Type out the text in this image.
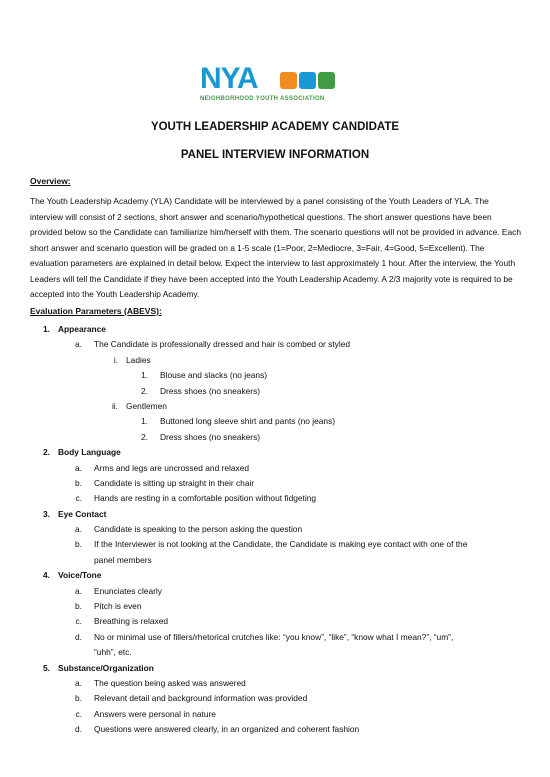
NYA
NEIGHBORHOOD YOUTH ASSOCIATION
YOUTH LEADERSHIP ACADEMY CANDIDATE
PANEL INTERVIEW INFORMATION
Overview:

The Youth Leadership Academy (YLA) Candidate will be interviewed by a panel consisting of the Youth Leaders of YLA. The interview will consist of 2 sections, short answer and scenario/hypothetical questions. The short answer questions have been provided below so the Candidate can familiarize him/herself with them. The scenario questions will not be provided in advance. Each short answer and scenario question will be graded on a 1-5 scale (1=Poor, 2=Mediocre, 3=Fair, 4=Good, 5=Excellent). The evaluation parameters are explained in detail below. Expect the interview to last approximately 1 hour. After the interview, the Youth Leaders will tell the Candidate if they have been accepted into the Youth Leadership Academy. A 2/3 majority vote is required to be accepted into the Youth Leadership Academy.

Evaluation Parameters (ABEVS):
1. Appearance
a. The Candidate is professionally dressed and hair is combed or styled
i. Ladies
1. Blouse and slacks (no jeans)
2. Dress shoes (no sneakers)
ii. Gentlemen
1. Buttoned long sleeve shirt and pants (no jeans)
2. Dress shoes (no sneakers)
2. Body Language
a. Arms and legs are uncrossed and relaxed
b. Candidate is sitting up straight in their chair
c. Hands are resting in a comfortable position without fidgeting
3. Eye Contact
a. Candidate is speaking to the person asking the question
b. If the Interviewer is not looking at the Candidate, the Candidate is making eye contact with one of the
panel members
4. Voice/Tone
a. Enunciates clearly
b. Pitch is even
c. Breathing is relaxed
d. No or minimal use of fillers/rhetorical crutches like: “you know”, “like”, “know what I mean?”, “um”,
“uhh”, etc.
5. Substance/Organization
a. The question being asked was answered
b. Relevant detail and background information was provided
c. Answers were personal in nature
d. Questions were answered clearly, in an organized and coherent fashion
